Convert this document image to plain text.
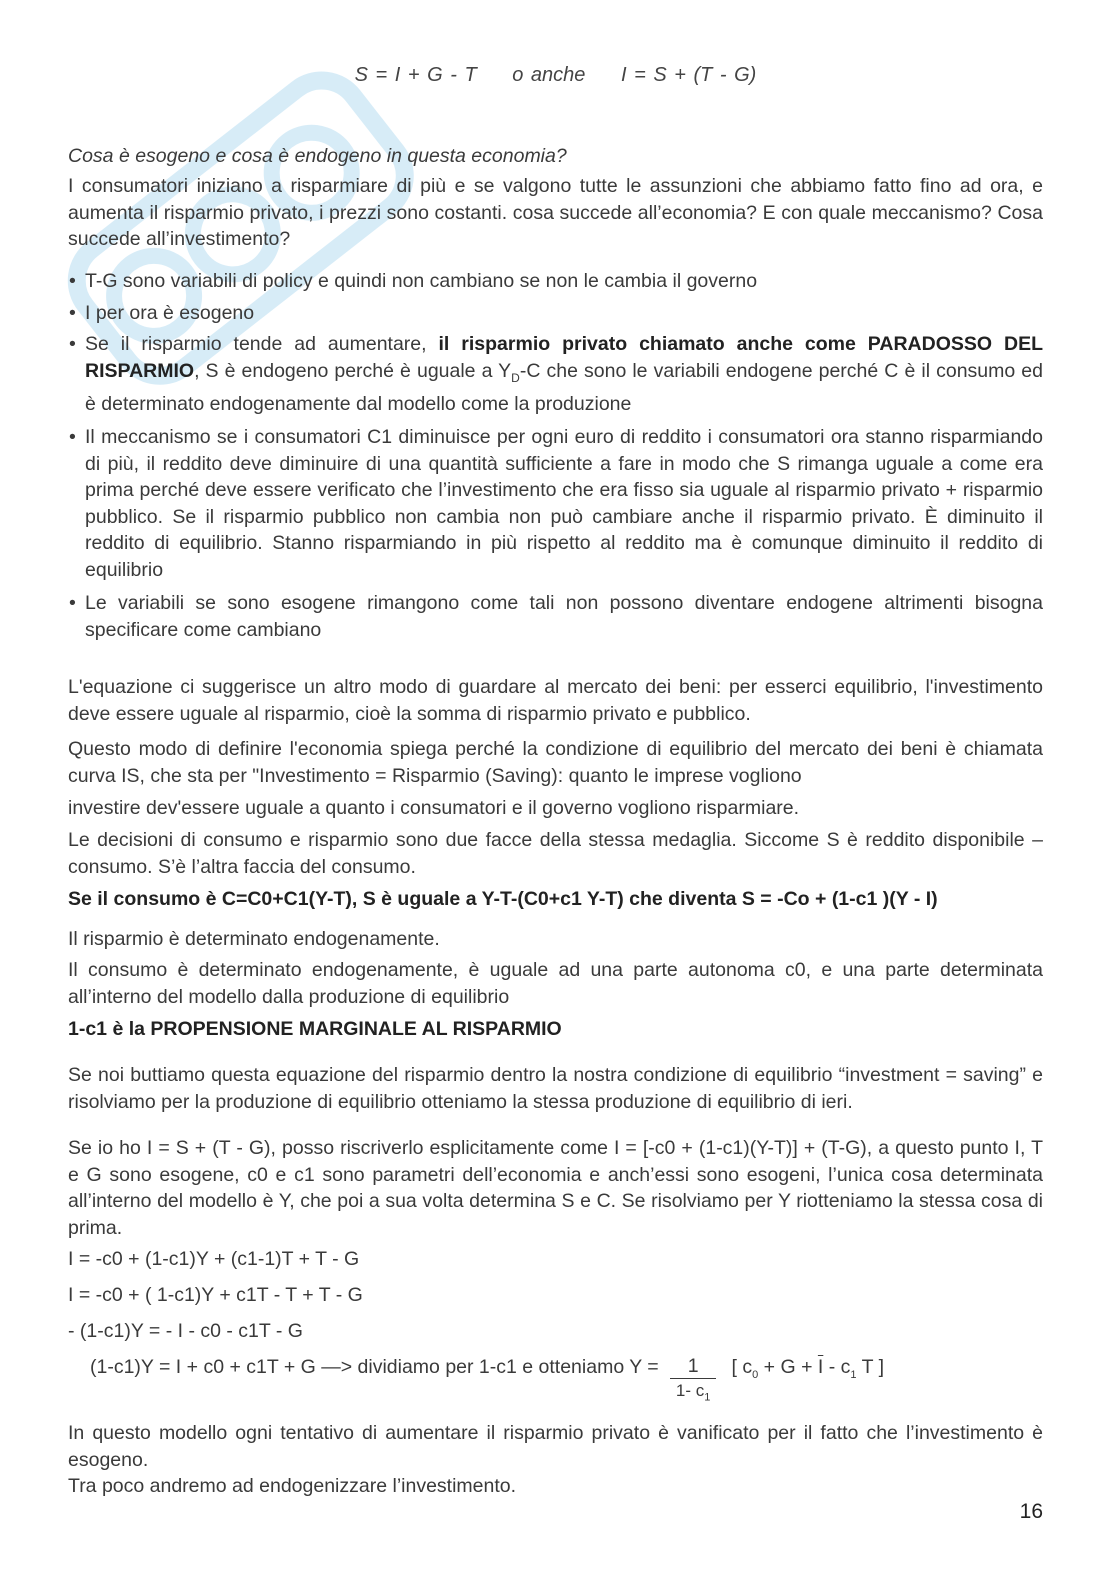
S = I + G - T o anche I = S + (T - G)

Cosa è esogeno e cosa è endogeno in questa economia?

I consumatori iniziano a risparmiare di più e se valgono tutte le assunzioni che abbiamo fatto fino ad ora, e aumenta il risparmio privato, i prezzi sono costanti. cosa succede all’economia? E con quale meccanismo? Cosa succede all’investimento?

• T-G sono variabili di policy e quindi non cambiano se non le cambia il governo
• I per ora è esogeno
• Se il risparmio tende ad aumentare, il risparmio privato chiamato anche come PARADOSSO DEL RISPARMIO, S è endogeno perché è uguale a $Y_D-C$ che sono le variabili endogene perché C è il consumo ed è determinato endogenamente dal modello come la produzione
• Il meccanismo se i consumatori C1 diminuisce per ogni euro di reddito i consumatori ora stanno risparmiando di più, il reddito deve diminuire di una quantità sufficiente a fare in modo che S rimanga uguale a come era prima perché deve essere verificato che l’investimento che era fisso sia uguale al risparmio privato + risparmio pubblico. Se il risparmio pubblico non cambia non può cambiare anche il risparmio privato. È diminuito il reddito di equilibrio. Stanno risparmiando in più rispetto al reddito ma è comunque diminuito il reddito di equilibrio
• Le variabili se sono esogene rimangono come tali non possono diventare endogene altrimenti bisogna specificare come cambiano

L'equazione ci suggerisce un altro modo di guardare al mercato dei beni: per esserci equilibrio, l'investimento deve essere uguale al risparmio, cioè la somma di risparmio privato e pubblico.

Questo modo di definire l'economia spiega perché la condizione di equilibrio del mercato dei beni è chiamata curva IS, che sta per "Investimento = Risparmio (Saving): quanto le imprese vogliono

investire dev'essere uguale a quanto i consumatori e il governo vogliono risparmiare.

Le decisioni di consumo e risparmio sono due facce della stessa medaglia. Siccome S è reddito disponibile – consumo. S’è l’altra faccia del consumo.

Se il consumo è C=C0+C1(Y-T), S è uguale a Y-T-(C0+c1 Y-T) che diventa S = -Co + (1-c1 )(Y - I)

Il risparmio è determinato endogenamente.

Il consumo è determinato endogenamente, è uguale ad una parte autonoma c0, e una parte determinata all’interno del modello dalla produzione di equilibrio

1-c1 è la PROPENSIONE MARGINALE AL RISPARMIO

Se noi buttiamo questa equazione del risparmio dentro la nostra condizione di equilibrio “investment = saving” e risolviamo per la produzione di equilibrio otteniamo la stessa produzione di equilibrio di ieri.

Se io ho I = S + (T - G), posso riscriverlo esplicitamente come I = [-c0 + (1-c1)(Y-T)] + (T-G), a questo punto I, T e G sono esogene, c0 e c1 sono parametri dell’economia e anch’essi sono esogeni, l’unica cosa determinata all’interno del modello è Y, che poi a sua volta determina S e C. Se risolviamo per Y riotteniamo la stessa cosa di prima.

I = -c0 + (1-c1)Y + (c1-1)T + T - G

I = -c0 + ( 1-c1)Y + c1T - T + T - G

- (1-c1)Y = - I - c0 - c1T - G

(1-c1)Y = I + c0 + c1T + G —> dividiamo per 1-c1 e otteniamo $Y = \frac{1}{1- c_1}$ [ $c_0 + G + \overline{I} - c_1$ T ]

In questo modello ogni tentativo di aumentare il risparmio privato è vanificato per il fatto che l’investimento è esogeno.

Tra poco andremo ad endogenizzare l’investimento.

16
